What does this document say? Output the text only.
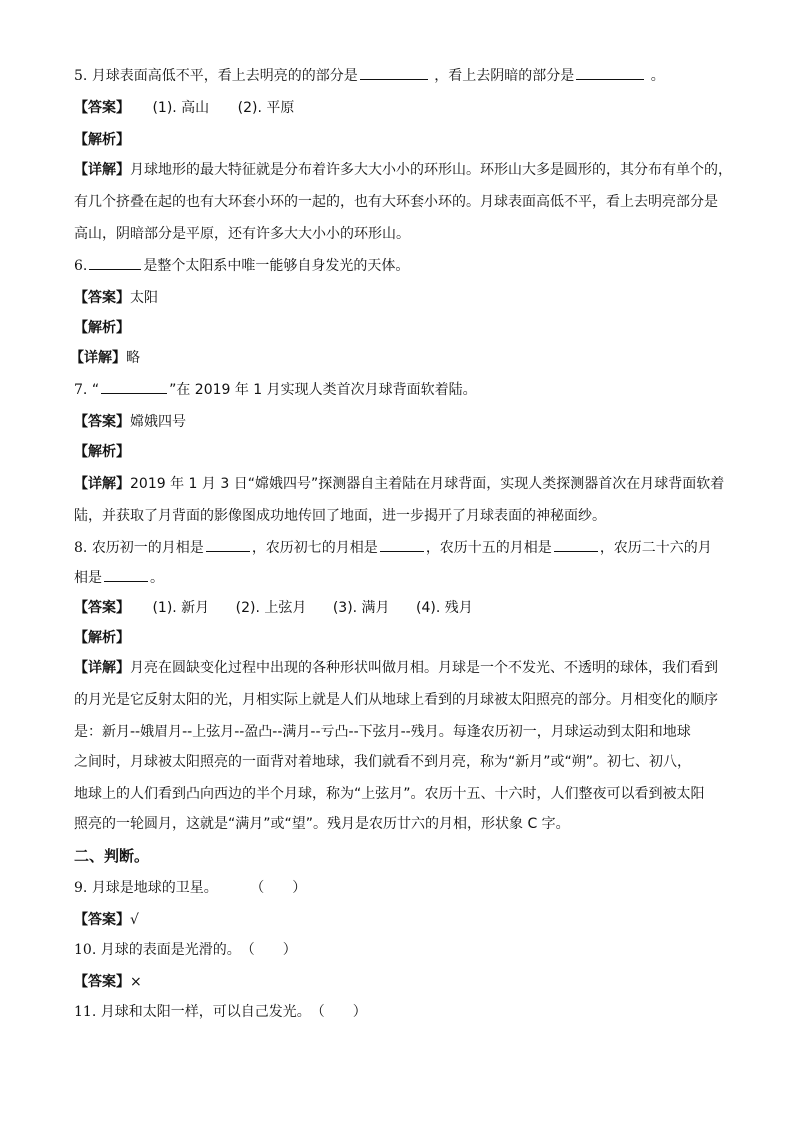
5. 月球表面高低不平，看上去明亮的的部分是	，看上去阴暗的部分是	。
【答案】 (1). 高山 (2). 平原
【解析】
【详解】月球地形的最大特征就是分布着许多大大小小的环形山。环形山大多是圆形的，其分布有单个的，
有几个挤叠在起的也有大环套小环的一起的，也有大环套小环的。月球表面高低不平，看上去明亮部分是
高山，阴暗部分是平原，还有许多大大小小的环形山。
6.	是整个太阳系中唯一能够自身发光的天体。
【答案】太阳
【解析】
【详解】略
7. “	”在 2019 年 1 月实现人类首次月球背面软着陆。
【答案】嫦娥四号
【解析】
【详解】2019 年 1 月 3 日“嫦娥四号”探测器自主着陆在月球背面，实现人类探测器首次在月球背面软着
陆，并获取了月背面的影像图成功地传回了地面，进一步揭开了月球表面的神秘面纱。
8. 农历初一的月相是	，农历初七的月相是	，农历十五的月相是	，农历二十六的月
相是	。
【答案】 (1). 新月 (2). 上弦月 (3). 满月 (4). 残月
【解析】
【详解】月亮在圆缺变化过程中出现的各种形状叫做月相。月球是一个不发光、不透明的球体，我们看到
的月光是它反射太阳的光，月相实际上就是人们从地球上看到的月球被太阳照亮的部分。月相变化的顺序
是：新月--娥眉月--上弦月--盈凸--满月--亏凸--下弦月--残月。每逢农历初一，月球运动到太阳和地球
之间时，月球被太阳照亮的一面背对着地球，我们就看不到月亮，称为“新月”或“朔”。初七、初八，
地球上的人们看到凸向西边的半个月球，称为“上弦月”。农历十五、十六时，人们整夜可以看到被太阳
照亮的一轮圆月，这就是“满月”或“望”。残月是农历廿六的月相，形状象 C 字。
二、判断。
9. 月球是地球的卫星。 （　　）
【答案】√
10. 月球的表面是光滑的。（　　）
【答案】×
11. 月球和太阳一样，可以自己发光。（　　）
